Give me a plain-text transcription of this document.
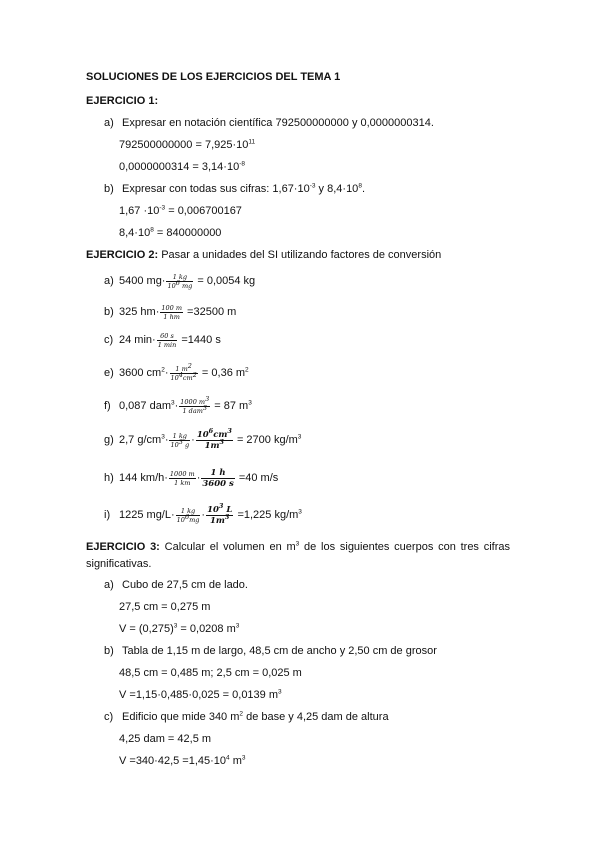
SOLUCIONES DE LOS EJERCICIOS DEL TEMA 1
EJERCICIO 1:
a) Expresar en notación científica 792500000000 y 0,0000000314.
$792500000000 = 7,925\cdot 10^{11}$
$0,0000000314 = 3,14\cdot 10^{-8}$
b) Expresar con todas sus cifras: $1,67\cdot 10^{-3}$ y $8,4\cdot 10^8$.
$1,67 \cdot 10^{-3} = 0,006700167$
$8,4\cdot 10^8 = 840000000$
EJERCICIO 2: Pasar a unidades del SI utilizando factores de conversión
a) 5400 $mg\cdot \frac{1 kg}{106 mg} = 0,0054$ kg
b) 325 $hm\cdot \frac{100 m}{1 hm} =32500$ m
c) 24 $\min\cdot \frac{60 s}{1 \min} =1440$ s
e) 3600 $cm^2\cdot \frac{1 m2}{104cm2} = 0,36$ $m^2$
f) 0,087 $dam^3\cdot \frac{1000 m3}{\text{1 dam3}} = 87$ $m^3$
g) 2,7 $g/cm^3\cdot \frac{1 kg}{103 g} \cdot \frac{10^6cm^3}{1m^3} = 2700$ $kg/m^3$
h) 144 $km/h\cdot \frac{1000 m}{1 km} \cdot \frac{1 h}{3600 s} =40$ m/s
i) 1225 $mg/L\cdot \frac{1 kg}{106mg} \cdot \frac{10^3 L}{1m^3} =1,225$ $kg/m^3$
EJERCICIO 3: Calcular el volumen en $m^3$ de los siguientes cuerpos con tres cifras significativas.
a) Cubo de 27,5 cm de lado.
27,5 cm = 0,275 m
$V = (0,275)^3 = 0,0208$ $m^3$
b) Tabla de 1,15 m de largo, 48,5 cm de ancho y 2,50 cm de grosor
48,5 cm = 0,485 m; 2,5 cm = 0,025 m
V =1,15·0,485·0,025 = 0,0139 $m^3$
c) Edificio que mide 340 $m^2$ de base y 4,25 dam de altura
4,25 dam = 42,5 m
$V =340\cdot 42,5 =1,45\cdot 10^4$ $m^3$
